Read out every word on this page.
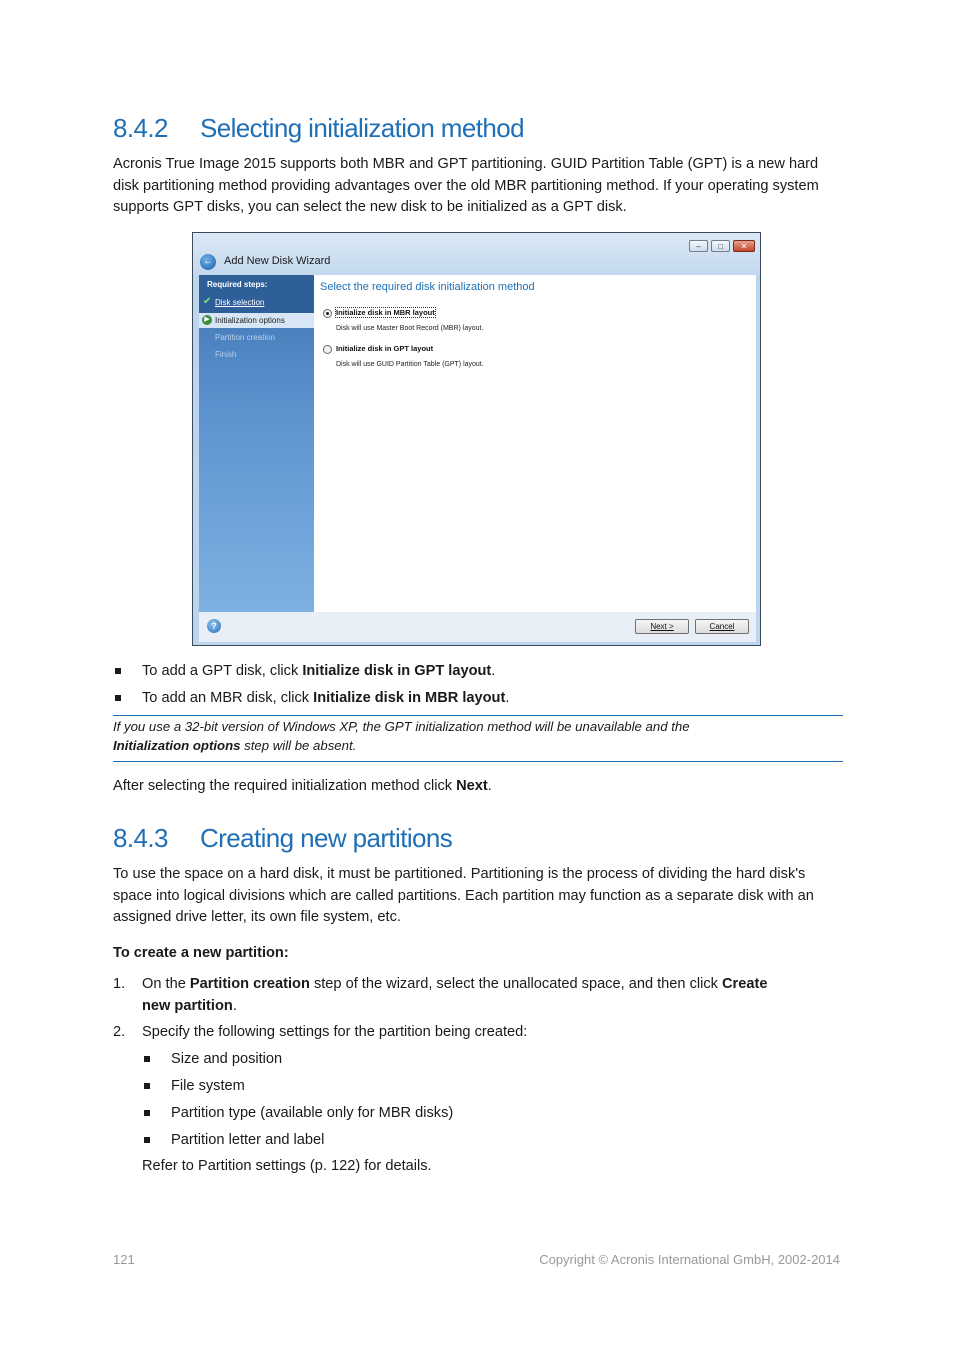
8.4.2 Selecting initialization method
Acronis True Image 2015 supports both MBR and GPT partitioning. GUID Partition Table (GPT) is a new hard disk partitioning method providing advantages over the old MBR partitioning method. If your operating system supports GPT disks, you can select the new disk to be initialized as a GPT disk.
← Add New Disk Wizard
–	□	✕
Required steps:
✔ Disk selection
▶ Initialization options
Partition creation
Finish
Select the required disk initialization method
Initialize disk in MBR layout
Disk will use Master Boot Record (MBR) layout.
Initialize disk in GPT layout
Disk will use GUID Partition Table (GPT) layout.
?	Next >	Cancel
To add a GPT disk, click Initialize disk in GPT layout.
To add an MBR disk, click Initialize disk in MBR layout.
If you use a 32-bit version of Windows XP, the GPT initialization method will be unavailable and the
Initialization options step will be absent.
After selecting the required initialization method click Next.
8.4.3 Creating new partitions
To use the space on a hard disk, it must be partitioned. Partitioning is the process of dividing the hard disk's space into logical divisions which are called partitions. Each partition may function as a separate disk with an assigned drive letter, its own file system, etc.
To create a new partition:
1. On the Partition creation step of the wizard, select the unallocated space, and then click Create
new partition.
2. Specify the following settings for the partition being created:
Size and position
File system
Partition type (available only for MBR disks)
Partition letter and label
Refer to Partition settings (p. 122) for details.
121	Copyright © Acronis International GmbH, 2002-2014
